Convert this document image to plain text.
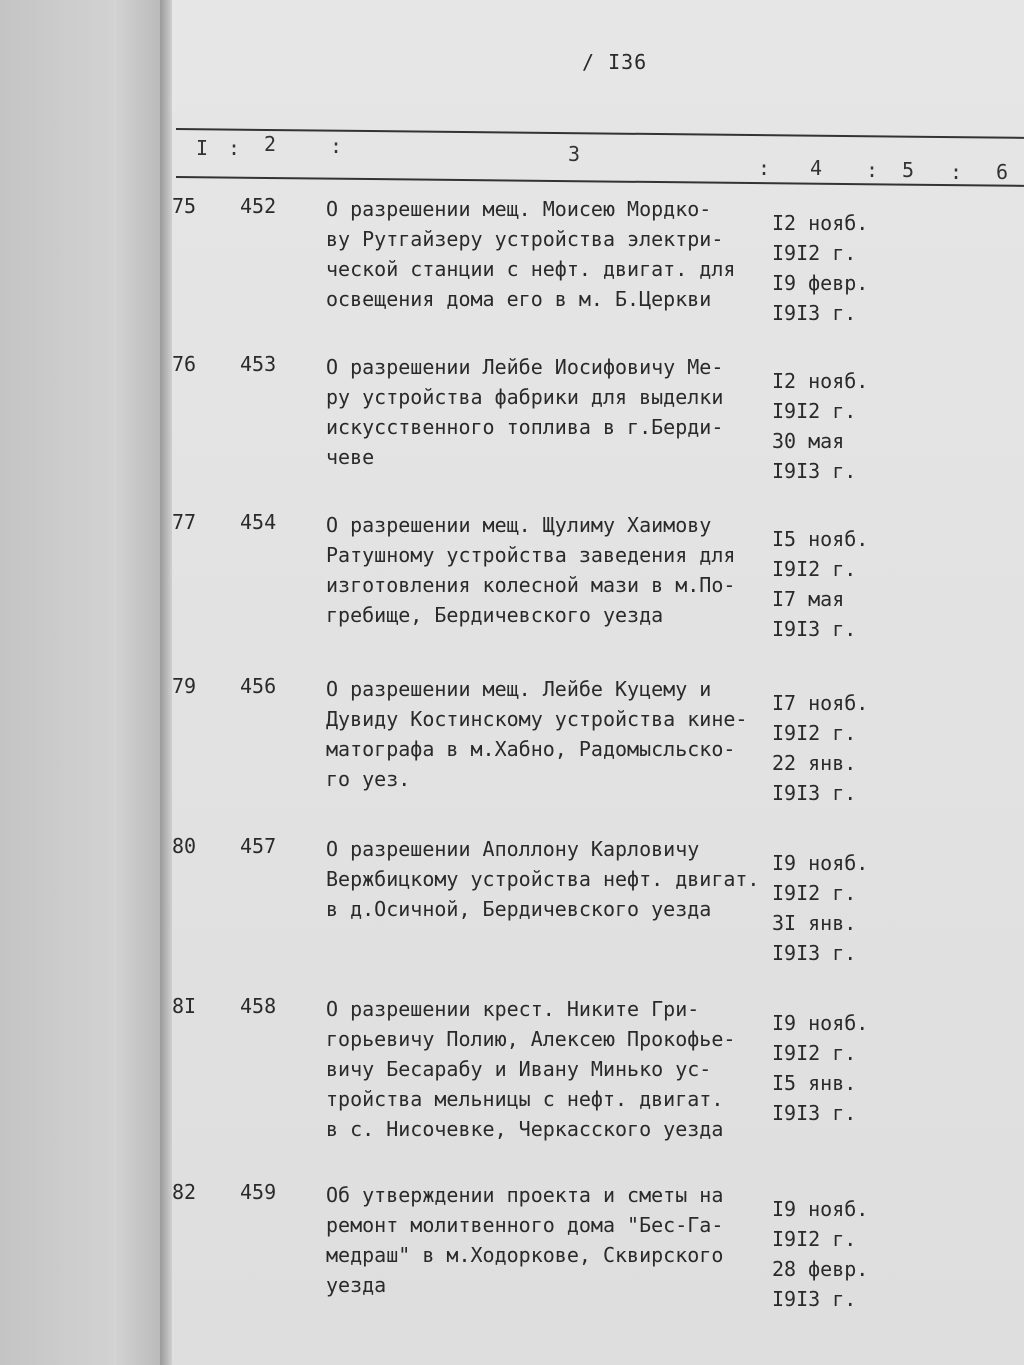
/ I36
I : 2	:	3
: 4 : 5 : 6
75 452 О разрешении мещ. Моисею Мордко-
ву Рутгайзеру устройства электри-
ческой станции с нефт. двигат. для
освещения дома его в м. Б.Церкви
I2 нояб.
I9I2 г.
I9 февр.
I9I3 г.
76 453 О разрешении Лейбе Иосифовичу Ме-
ру устройства фабрики для выделки
искусственного топлива в г.Берди-
чеве
I2 нояб.
I9I2 г.
30 мая
I9I3 г.
77 454 О разрешении мещ. Щулиму Хаимову
Ратушному устройства заведения для
изготовления колесной мази в м.По-
гребище, Бердичевского уезда
I5 нояб.
I9I2 г.
I7 мая
I9I3 г.
79 456 О разрешении мещ. Лейбе Куцему и
Дувиду Костинскому устройства кине-
матографа в м.Хабно, Радомысльско-
го уез.
I7 нояб.
I9I2 г.
22 янв.
I9I3 г.
80 457 О разрешении Аполлону Карловичу
Вержбицкому устройства нефт. двигат.
в д.Осичной, Бердичевского уезда
I9 нояб.
I9I2 г.
3I янв.
I9I3 г.
8I 458 О разрешении крест. Никите Гри-
горьевичу Полию, Алексею Прокофье-
вичу Бесарабу и Ивану Минько ус-
тройства мельницы с нефт. двигат.
в с. Нисочевке, Черкасского уезда
I9 нояб.
I9I2 г.
I5 янв.
I9I3 г.
82 459 Об утверждении проекта и сметы на
ремонт молитвенного дома "Бес-Га-
медраш" в м.Ходоркове, Сквирского
уезда
I9 нояб.
I9I2 г.
28 февр.
I9I3 г.
